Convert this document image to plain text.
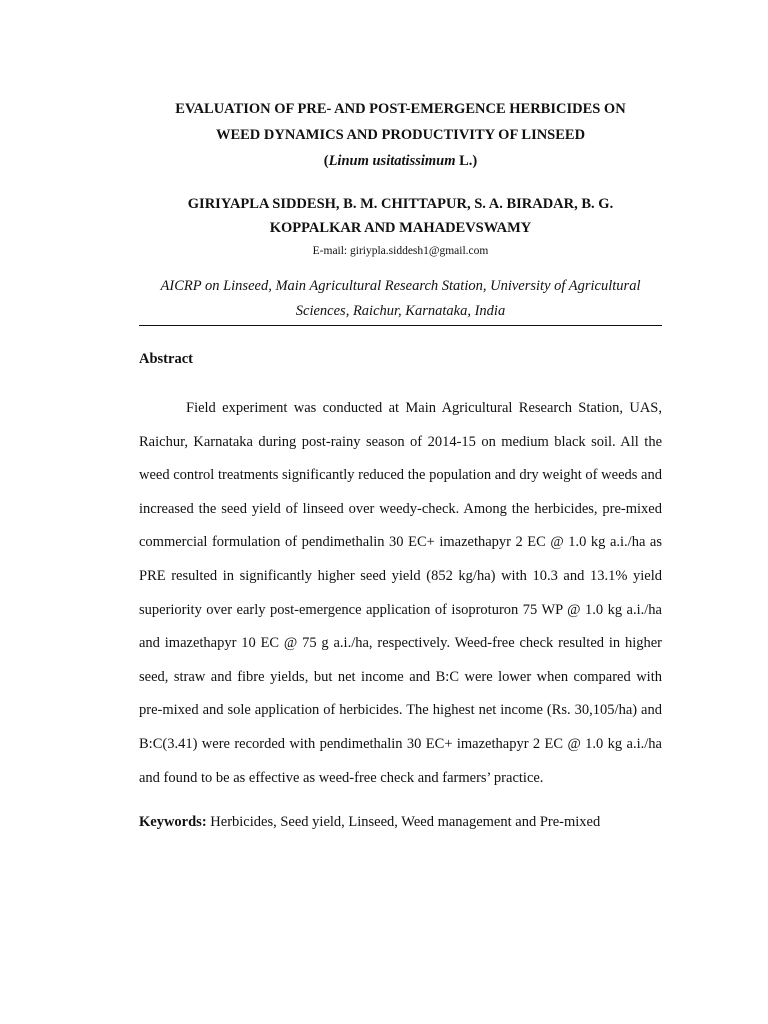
EVALUATION OF PRE- AND POST-EMERGENCE HERBICIDES ON
WEED DYNAMICS AND PRODUCTIVITY OF LINSEED

(Linum usitatissimum L.)

GIRIYAPLA SIDDESH, B. M. CHITTAPUR, S. A. BIRADAR, B. G.
KOPPALKAR AND MAHADEVSWAMY

E-mail: giriypla.siddesh1@gmail.com

AICRP on Linseed, Main Agricultural Research Station, University of Agricultural Sciences, Raichur, Karnataka, India

Abstract

Field experiment was conducted at Main Agricultural Research Station, UAS, Raichur, Karnataka during post-rainy season of 2014-15 on medium black soil. All the weed control treatments significantly reduced the population and dry weight of weeds and increased the seed yield of linseed over weedy-check. Among the herbicides, pre-mixed commercial formulation of pendimethalin 30 EC+ imazethapyr 2 EC @ 1.0 kg a.i./ha as PRE resulted in significantly higher seed yield (852 kg/ha) with 10.3 and 13.1% yield superiority over early post-emergence application of isoproturon 75 WP @ 1.0 kg a.i./ha and imazethapyr 10 EC @ 75 g a.i./ha, respectively. Weed-free check resulted in higher seed, straw and fibre yields, but net income and B:C were lower when compared with pre-mixed and sole application of herbicides. The highest net income (Rs. 30,105/ha) and B:C(3.41) were recorded with pendimethalin 30 EC+ imazethapyr 2 EC @ 1.0 kg a.i./ha and found to be as effective as weed-free check and farmers’ practice.

Keywords: Herbicides, Seed yield, Linseed, Weed management and Pre-mixed
